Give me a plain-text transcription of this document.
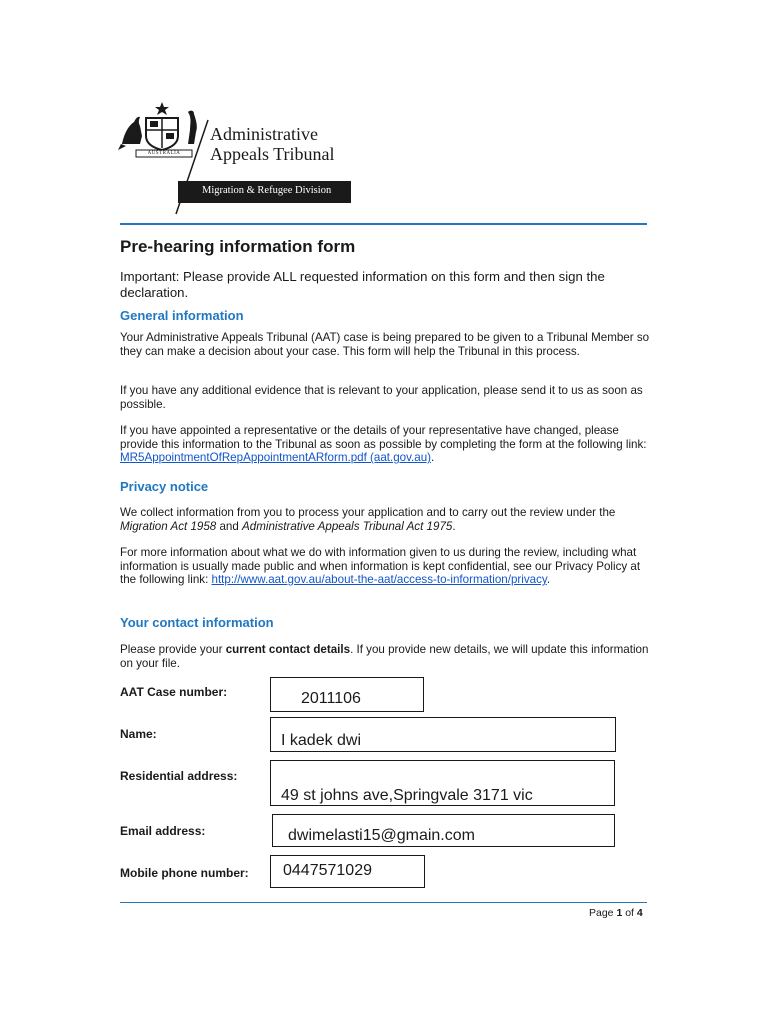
AUSTRALIA
Administrative
Appeals Tribunal
Migration & Refugee Division
Pre-hearing information form
Important: Please provide ALL requested information on this form and then sign the declaration.
General information
Your Administrative Appeals Tribunal (AAT) case is being prepared to be given to a Tribunal Member so they can make a decision about your case. This form will help the Tribunal in this process.
If you have any additional evidence that is relevant to your application, please send it to us as soon as possible.
If you have appointed a representative or the details of your representative have changed, please provide this information to the Tribunal as soon as possible by completing the form at the following link: MR5AppointmentOfRepAppointmentARform.pdf (aat.gov.au).
Privacy notice
We collect information from you to process your application and to carry out the review under the Migration Act 1958 and Administrative Appeals Tribunal Act 1975.
For more information about what we do with information given to us during the review, including what information is usually made public and when information is kept confidential, see our Privacy Policy at the following link: http://www.aat.gov.au/about-the-aat/access-to-information/privacy.
Your contact information
Please provide your current contact details. If you provide new details, we will update this information on your file.
AAT Case number:	2011106
Name:	I kadek dwi
Residential address:
49 st johns ave,Springvale 3171 vic
Email address:	dwimelasti15@gmain.com
Mobile phone number: 0447571029
Page 1 of 4
